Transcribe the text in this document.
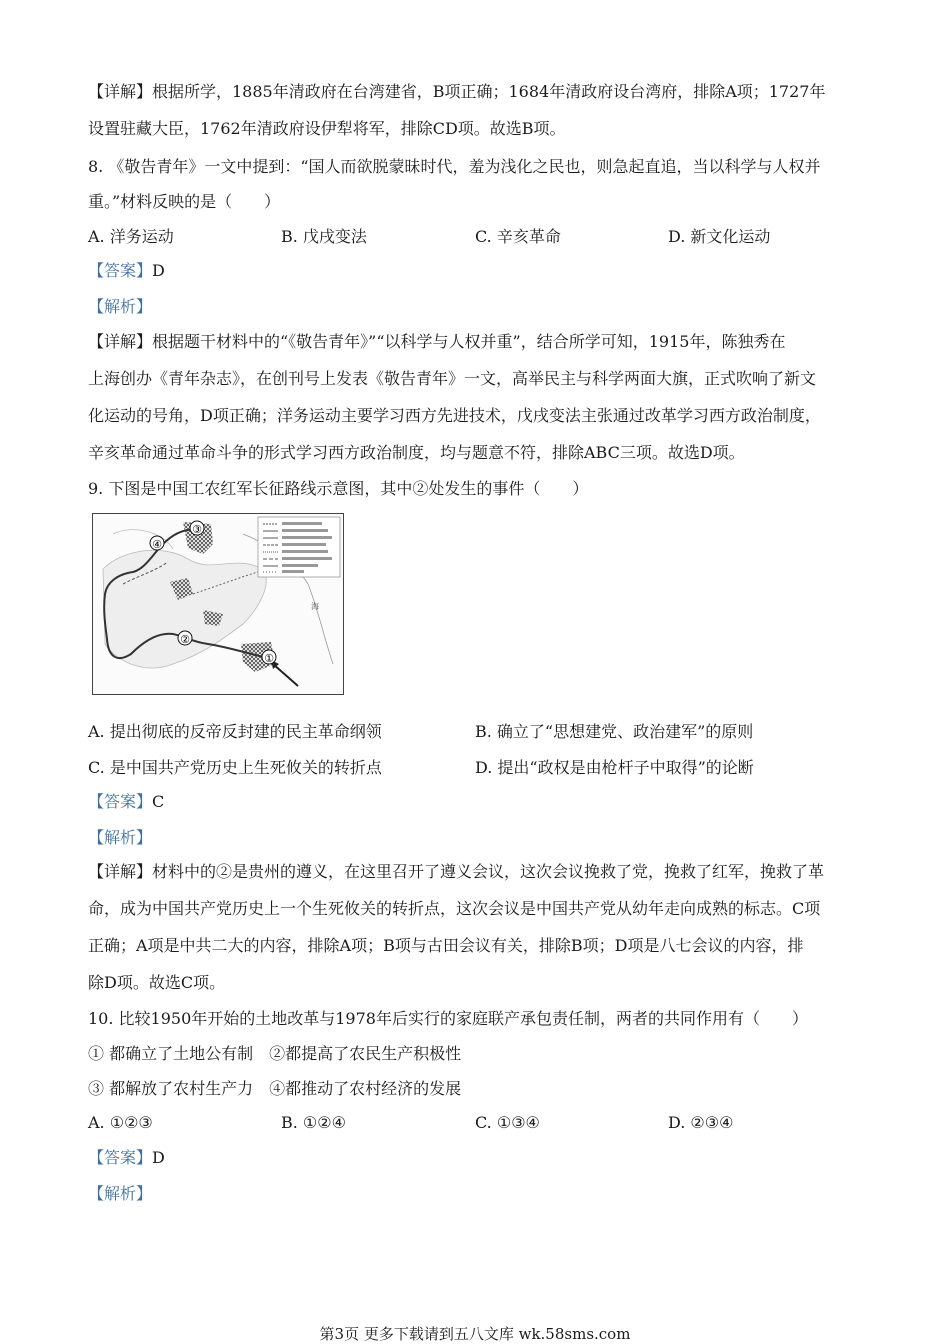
【详解】根据所学，1885年清政府在台湾建省，B项正确；1684年清政府设台湾府，排除A项；1727年
设置驻藏大臣，1762年清政府设伊犁将军，排除CD项。故选B项。
8. 《敬告青年》一文中提到：“国人而欲脱蒙昧时代，羞为浅化之民也，则急起直追，当以科学与人权并
重。”材料反映的是（　　）
A. 洋务运动	B. 戊戌变法	C. 辛亥革命	D. 新文化运动
【答案】D
【解析】
【详解】根据题干材料中的“《敬告青年》”“以科学与人权并重”，结合所学可知，1915年，陈独秀在
上海创办《青年杂志》，在创刊号上发表《敬告青年》一文，高举民主与科学两面大旗，正式吹响了新文
化运动的号角，D项正确；洋务运动主要学习西方先进技术，戊戌变法主张通过改革学习西方政治制度，
辛亥革命通过革命斗争的形式学习西方政治制度，均与题意不符，排除ABC三项。故选D项。
9. 下图是中国工农红军长征路线示意图，其中②处发生的事件（　　）
①
②
③
④
海
A. 提出彻底的反帝反封建的民主革命纲领	B. 确立了“思想建党、政治建军”的原则
C. 是中国共产党历史上生死攸关的转折点	D. 提出“政权是由枪杆子中取得”的论断
【答案】C
【解析】
【详解】材料中的②是贵州的遵义，在这里召开了遵义会议，这次会议挽救了党，挽救了红军，挽救了革
命，成为中国共产党历史上一个生死攸关的转折点，这次会议是中国共产党从幼年走向成熟的标志。C项
正确；A项是中共二大的内容，排除A项；B项与古田会议有关，排除B项；D项是八七会议的内容，排
除D项。故选C项。
10. 比较1950年开始的土地改革与1978年后实行的家庭联产承包责任制，两者的共同作用有（　　）
① 都确立了土地公有制　②都提高了农民生产积极性
③ 都解放了农村生产力　④都推动了农村经济的发展
A. ①②③	B. ①②④	C. ①③④	D. ②③④
【答案】D
【解析】
第3页 更多下载请到五八文库 wk.58sms.com
